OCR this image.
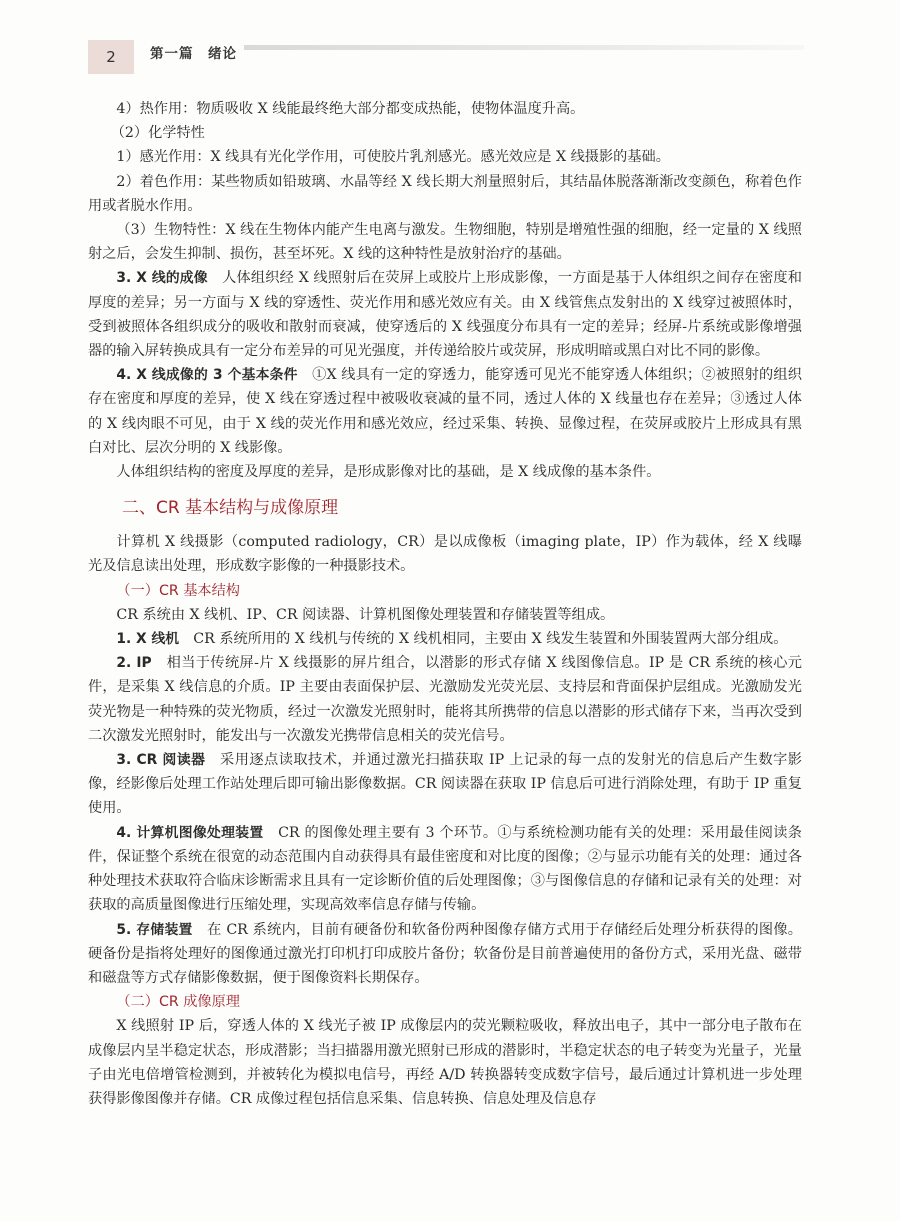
2	第一篇　绪论

4）热作用：物质吸收 X 线能最终绝大部分都变成热能，使物体温度升高。

（2）化学特性

1）感光作用：X 线具有光化学作用，可使胶片乳剂感光。感光效应是 X 线摄影的基础。

2）着色作用：某些物质如铅玻璃、水晶等经 X 线长期大剂量照射后，其结晶体脱落渐渐改变颜色，称着色作用或者脱水作用。

（3）生物特性：X 线在生物体内能产生电离与激发。生物细胞，特别是增殖性强的细胞，经一定量的 X 线照射之后，会发生抑制、损伤，甚至坏死。X 线的这种特性是放射治疗的基础。

3. X 线的成像　人体组织经 X 线照射后在荧屏上或胶片上形成影像，一方面是基于人体组织之间存在密度和厚度的差异；另一方面与 X 线的穿透性、荧光作用和感光效应有关。由 X 线管焦点发射出的 X 线穿过被照体时，受到被照体各组织成分的吸收和散射而衰减，使穿透后的 X 线强度分布具有一定的差异；经屏-片系统或影像增强器的输入屏转换成具有一定分布差异的可见光强度，并传递给胶片或荧屏，形成明暗或黑白对比不同的影像。

4. X 线成像的 3 个基本条件　①X 线具有一定的穿透力，能穿透可见光不能穿透人体组织；②被照射的组织存在密度和厚度的差异，使 X 线在穿透过程中被吸收衰减的量不同，透过人体的 X 线量也存在差异；③透过人体的 X 线肉眼不可见，由于 X 线的荧光作用和感光效应，经过采集、转换、显像过程，在荧屏或胶片上形成具有黑白对比、层次分明的 X 线影像。

人体组织结构的密度及厚度的差异，是形成影像对比的基础，是 X 线成像的基本条件。

二、CR 基本结构与成像原理

计算机 X 线摄影（computed radiology，CR）是以成像板（imaging plate，IP）作为载体，经 X 线曝光及信息读出处理，形成数字影像的一种摄影技术。

（一）CR 基本结构

CR 系统由 X 线机、IP、CR 阅读器、计算机图像处理装置和存储装置等组成。

1. X 线机　CR 系统所用的 X 线机与传统的 X 线机相同，主要由 X 线发生装置和外围装置两大部分组成。

2. IP　相当于传统屏-片 X 线摄影的屏片组合，以潜影的形式存储 X 线图像信息。IP 是 CR 系统的核心元件，是采集 X 线信息的介质。IP 主要由表面保护层、光激励发光荧光层、支持层和背面保护层组成。光激励发光荧光物是一种特殊的荧光物质，经过一次激发光照射时，能将其所携带的信息以潜影的形式储存下来，当再次受到二次激发光照射时，能发出与一次激发光携带信息相关的荧光信号。

3. CR 阅读器　采用逐点读取技术，并通过激光扫描获取 IP 上记录的每一点的发射光的信息后产生数字影像，经影像后处理工作站处理后即可输出影像数据。CR 阅读器在获取 IP 信息后可进行消除处理，有助于 IP 重复使用。

4. 计算机图像处理装置　CR 的图像处理主要有 3 个环节。①与系统检测功能有关的处理：采用最佳阅读条件，保证整个系统在很宽的动态范围内自动获得具有最佳密度和对比度的图像；②与显示功能有关的处理：通过各种处理技术获取符合临床诊断需求且具有一定诊断价值的后处理图像；③与图像信息的存储和记录有关的处理：对获取的高质量图像进行压缩处理，实现高效率信息存储与传输。

5. 存储装置　在 CR 系统内，目前有硬备份和软备份两种图像存储方式用于存储经后处理分析获得的图像。硬备份是指将处理好的图像通过激光打印机打印成胶片备份；软备份是目前普遍使用的备份方式，采用光盘、磁带和磁盘等方式存储影像数据，便于图像资料长期保存。

（二）CR 成像原理

X 线照射 IP 后，穿透人体的 X 线光子被 IP 成像层内的荧光颗粒吸收，释放出电子，其中一部分电子散布在成像层内呈半稳定状态，形成潜影；当扫描器用激光照射已形成的潜影时，半稳定状态的电子转变为光量子，光量子由光电倍增管检测到，并被转化为模拟电信号，再经 A/D 转换器转变成数字信号，最后通过计算机进一步处理获得影像图像并存储。CR 成像过程包括信息采集、信息转换、信息处理及信息存
